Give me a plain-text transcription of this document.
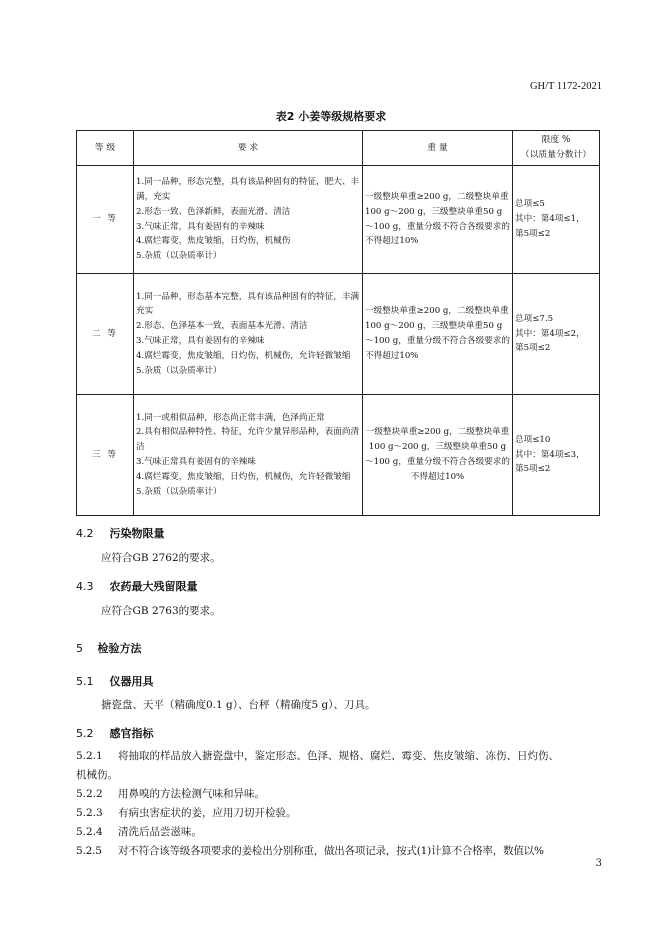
GH/T 1172-2021
表2 小姜等级规格要求
等 级	要 求	重 量	限度 %
（以质量分数计）

一 等	1.同一品种，形态完整，具有该品种固有的特征，肥大、丰满，充实
2.形态一致、色泽新鲜，表面光滑、清洁
3.气味正常，具有姜固有的辛辣味
4.腐烂霉变，焦皮皱缩，日灼伤，机械伤
5.杂质（以杂质率计）	一级整块单重≥200 g，二级整块单重100 g～200 g，三级整块单重50 g～100 g，重量分级不符合各级要求的不得超过10%	总项≤5
其中：第4项≤1，
第5项≤2

二 等	1.同一品种，形态基本完整，具有该品种固有的特征，丰满充实
2.形态、色泽基本一致，表面基本光滑、清洁
3.气味正常，具有姜固有的辛辣味
4.腐烂霉变，焦皮皱缩，日灼伤，机械伤，允许轻微皱缩
5.杂质（以杂质率计）	一级整块单重≥200 g，二级整块单重100 g～200 g，三级整块单重50 g～100 g，重量分级不符合各级要求的不得超过10%	总项≤7.5
其中：第4项≤2，
第5项≤2

三 等	1.同一或相似品种，形态尚正常丰满，色泽尚正常
2.具有相似品种特性、特征，允许少量异形品种，表面尚清洁
3.气味正常具有姜固有的辛辣味
4.腐烂霉变，焦皮皱缩，日灼伤，机械伤，允许轻微皱缩
5.杂质（以杂质率计）	一级整块单重≥200 g，二级整块单重100 g～200 g，三级整块单重50 g～100 g，重量分级不符合各级要求的不得超过10%	总项≤10
其中：第4项≤3，
第5项≤2
4.2 污染物限量
应符合GB 2762的要求。
4.3 农药最大残留限量
应符合GB 2763的要求。
5 检验方法
5.1 仪器用具
搪瓷盘、天平（精确度0.1 g）、台秤（精确度5 g）、刀具。
5.2 感官指标
5.2.1 将抽取的样品放入搪瓷盘中，鉴定形态、色泽、规格、腐烂、霉变、焦皮皱缩、冻伤、日灼伤、
机械伤。
5.2.2 用鼻嗅的方法检测气味和异味。
5.2.3 有病虫害症状的姜，应用刀切开检验。
5.2.4 清洗后品尝滋味。
5.2.5 对不符合该等级各项要求的姜检出分别称重，做出各项记录，按式(1)计算不合格率，数值以%
3
